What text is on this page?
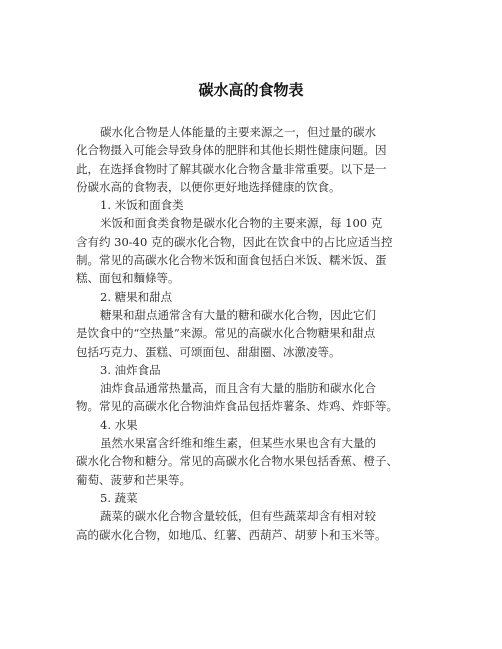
碳水高的食物表
碳水化合物是人体能量的主要来源之一，但过量的碳水
化合物摄入可能会导致身体的肥胖和其他长期性健康问题。因
此，在选择食物时了解其碳水化合物含量非常重要。以下是一
份碳水高的食物表，以便你更好地选择健康的饮食。
1. 米饭和面食类
米饭和面食类食物是碳水化合物的主要来源，每 100 克
含有约 30-40 克的碳水化合物，因此在饮食中的占比应适当控
制。常见的高碳水化合物米饭和面食包括白米饭、糯米饭、蛋
糕、面包和麵條等。
2. 糖果和甜点
糖果和甜点通常含有大量的糖和碳水化合物，因此它们
是饮食中的“空热量”来源。常见的高碳水化合物糖果和甜点
包括巧克力、蛋糕、可颂面包、甜甜圈、冰激凌等。
3. 油炸食品
油炸食品通常热量高，而且含有大量的脂肪和碳水化合
物。常见的高碳水化合物油炸食品包括炸薯条、炸鸡、炸虾等。
4. 水果
虽然水果富含纤维和维生素，但某些水果也含有大量的
碳水化合物和糖分。常见的高碳水化合物水果包括香蕉、橙子、
葡萄、菠萝和芒果等。
5. 蔬菜
蔬菜的碳水化合物含量较低，但有些蔬菜却含有相对较
高的碳水化合物，如地瓜、红薯、西葫芦、胡萝卜和玉米等。
